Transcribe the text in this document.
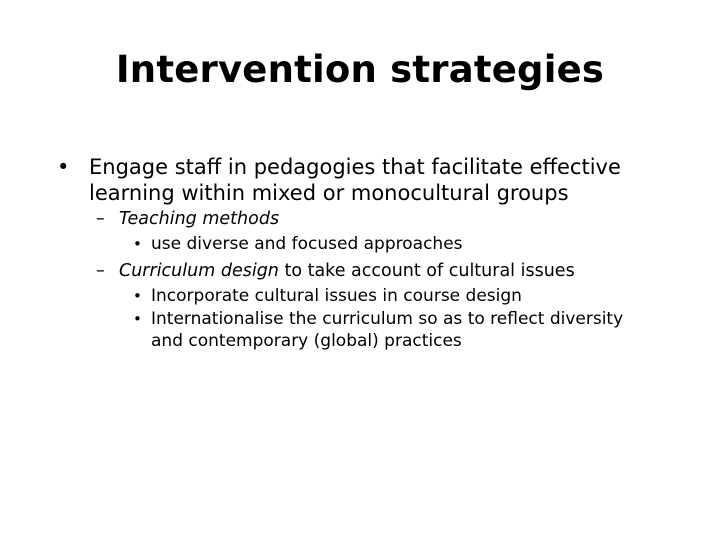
Intervention strategies
• Engage staff in pedagogies that facilitate effective learning within mixed or monocultural groups
– Teaching methods
• use diverse and focused approaches
– Curriculum design to take account of cultural issues
• Incorporate cultural issues in course design
• Internationalise the curriculum so as to reflect diversity and contemporary (global) practices
